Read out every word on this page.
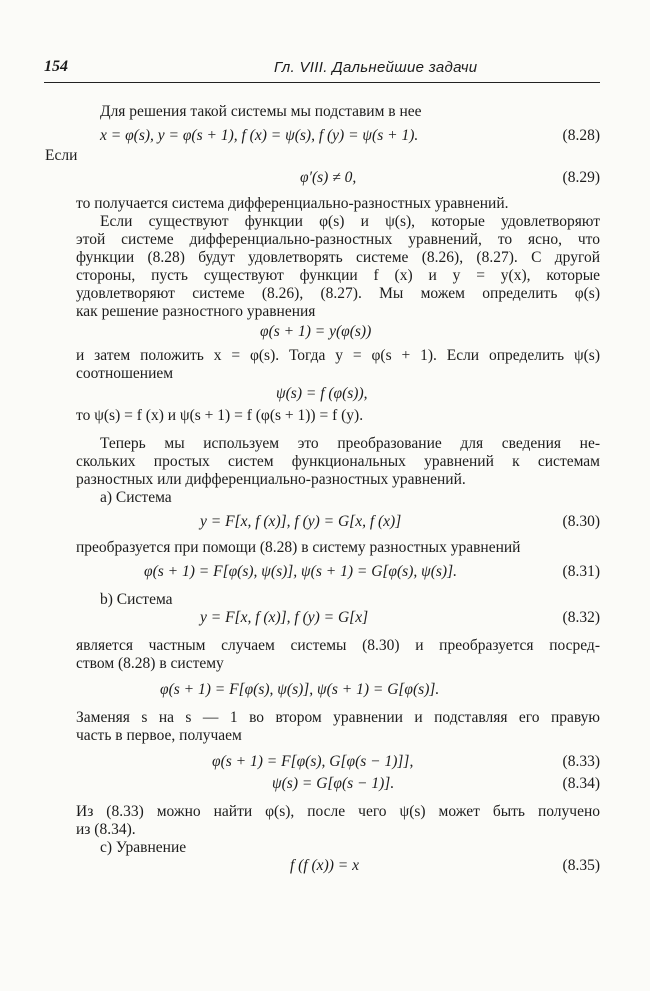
154	Гл. VIII. Дальнейшие задачи
Для решения такой системы мы подставим в нее
x = φ(s), y = φ(s + 1), f (x) = ψ(s), f (y) = ψ(s + 1).	(8.28)
Если
φ′(s) ≠ 0,	(8.29)
то получается система дифференциально-разностных уравнений.
Если существуют функции φ(s) и ψ(s), которые удовлетворяют
этой системе дифференциально-разностных уравнений, то ясно, что
функции (8.28) будут удовлетворять системе (8.26), (8.27). С другой
стороны, пусть существуют функции f (x) и y = y(x), которые
удовлетворяют системе (8.26), (8.27). Мы можем определить φ(s)
как решение разностного уравнения
φ(s + 1) = y(φ(s))
и затем положить x = φ(s). Тогда y = φ(s + 1). Если определить ψ(s)
соотношением
ψ(s) = f (φ(s)),
то ψ(s) = f (x) и ψ(s + 1) = f (φ(s + 1)) = f (y).
Теперь мы используем это преобразование для сведения не-
скольких простых систем функциональных уравнений к системам
разностных или дифференциально-разностных уравнений.
a) Система
y = F[x, f (x)], f (y) = G[x, f (x)]	(8.30)
преобразуется при помощи (8.28) в систему разностных уравнений
φ(s + 1) = F[φ(s), ψ(s)], ψ(s + 1) = G[φ(s), ψ(s)].	(8.31)
b) Система
y = F[x, f (x)], f (y) = G[x]	(8.32)
является частным случаем системы (8.30) и преобразуется посред-
ством (8.28) в систему
φ(s + 1) = F[φ(s), ψ(s)], ψ(s + 1) = G[φ(s)].
Заменяя s на s — 1 во втором уравнении и подставляя его правую
часть в первое, получаем
φ(s + 1) = F[φ(s), G[φ(s − 1)]],	(8.33)
ψ(s) = G[φ(s − 1)].	(8.34)
Из (8.33) можно найти φ(s), после чего ψ(s) может быть получено
из (8.34).
c) Уравнение
f (f (x)) = x	(8.35)
